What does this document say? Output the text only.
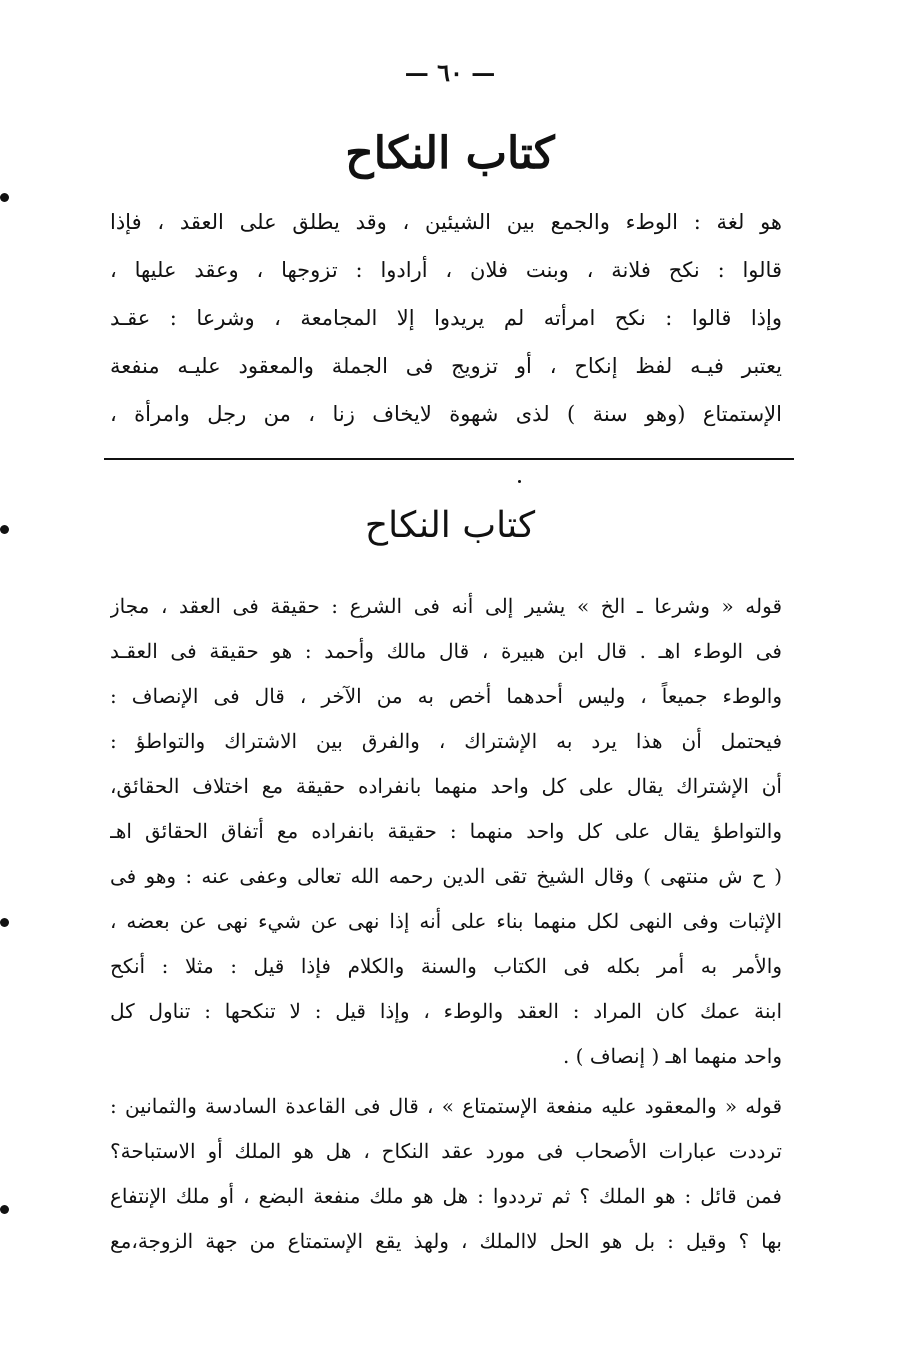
— ٦٠ —
كتاب النكاح
هو لغة : الوطء والجمع بين الشيئين ، وقد يطلق على العقد ، فإذا
قالوا : نكح فلانة ، وبنت فلان ، أرادوا : تزوجها ، وعقد عليها ،
وإذا قالوا : نكح امرأته لم يريدوا إلا المجامعة ، وشرعا : عقـد
يعتبر فيـه لفظ إنكاح ، أو تزويج فى الجملة والمعقود عليـه منفعة
الإستمتاع (وهو سنة ) لذى شهوة لايخاف زنا ، من رجل وامرأة ،
كتاب النكاح
قوله « وشرعا ـ الخ » يشير إلى أنه فى الشرع : حقيقة فى العقد ، مجاز
فى الوطء اهـ . قال ابن هبيرة ، قال مالك وأحمد : هو حقيقة فى العقـد
والوطء جميعاً ، وليس أحدهما أخص به من الآخر ، قال فى الإنصاف :
فيحتمل أن هذا يرد به الإشتراك ، والفرق بين الاشتراك والتواطؤ :
أن الإشتراك يقال على كل واحد منهما بانفراده حقيقة مع اختلاف الحقائق،
والتواطؤ يقال على كل واحد منهما : حقيقة بانفراده مع أتفاق الحقائق اهـ
( ح ش منتهى ) وقال الشيخ تقى الدين رحمه الله تعالى وعفى عنه : وهو فى
الإثبات وفى النهى لكل منهما بناء على أنه إذا نهى عن شيء نهى عن بعضه ،
والأمر به أمر بكله فى الكتاب والسنة والكلام فإذا قيل : مثلا : أنكح
ابنة عمك كان المراد : العقد والوطء ، وإذا قيل : لا تنكحها : تناول كل
واحد منهما اهـ ( إنصاف ) .
قوله « والمعقود عليه منفعة الإستمتاع » ، قال فى القاعدة السادسة والثمانين :
ترددت عبارات الأصحاب فى مورد عقد النكاح ، هل هو الملك أو الاستباحة؟
فمن قائل : هو الملك ؟ ثم ترددوا : هل هو ملك منفعة البضع ، أو ملك الإنتفاع
بها ؟ وقيل : بل هو الحل لاالملك ، ولهذ يقع الإستمتاع من جهة الزوجة،مع
